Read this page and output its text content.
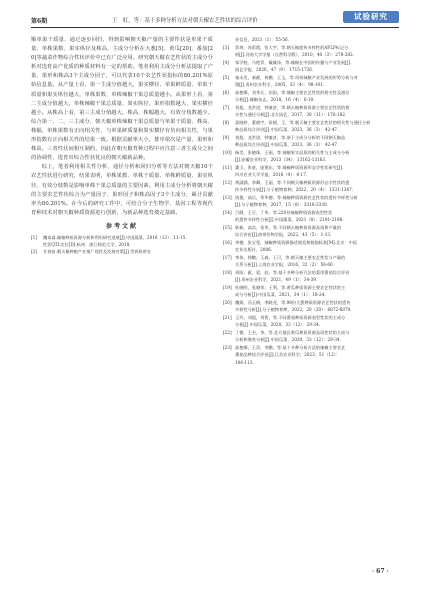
第6期	王　虹，等：基于多种分析方法对朝天椒农艺性状的综合评价	试验研究

顺单果干质量、通过逐步回归，得到影响朝天椒产量的主要性状是单果干质量、单株果数、果实纵径及株高，主成分分析在大葱[5]、黄瓜[20]、番茄[20]等蔬菜作物综合性状评价中已有广泛应用。研究朝天椒农艺性状的主成分分析对选育高产优质的种质材料有一定的帮助。笔者利用主成分分析法提取了产量、果形和株高3个主成分因子，可以代表10个农艺性状指标的80.201%原始信息量。从产量上看，第一主成分值越大，果实横径、单果鲜质量、单果干质量和果实纵径越大，单株果数、单株辣椒干果总质量越小。从果形上看，第二主成分值越大，单株辣椒干果总质量、果实纵径、果形指数越大，果实横径越小。从株高上看，第三主成分值越大，株高、株幅越大，有效分枝数越少。综合第一、二、三主成分，朝天椒单株辣椒干果总质量与单果干质量、株高、株幅、单株果数有正向相关性，与单果鲜质量和果实横径有负向相关性，与果形指数有正向相关性的结果一致。根据贡献率大小，排序依次是产量、果形和株高，三者性状间相互制约，因此在朝天椒育种过程中应注意三者主成分之间的协调性，选育出综合性状优良的朝天椒新品种。

综上，笔者利用相关性分析、通径分析和回归分析等方法对朝天椒10个农艺性状进行研究，结果表明，单株果数、单株干质量、单株鲜质量、果实纵径、有效分枝数是影响单株干果总质量的主要因素。利用主成分分析将朝天椒的主要农艺性状综合为产量因子、果形因子和株高因子3个主成分，累计贡献率为80.201%。在今后的研究工作中，可结合分子生物学、基因工程等现代育种技术对朝天椒种质资源进行创新，为新品种选育奠定基础。

参考文献
[1]	魏家淼.辣椒种质资源分析和利用研究进展[J].中国蔬菜，2018（12）：11-15.
性状QTL定位[D].杭州：浙江师范大学，2018.
[2]	甘春宿.朝天椒种植产业推广现状及发展对策[J].世界热带农
业信息，2021（1）：55-56.
[3]	贺珙，苏彩霞，张大宇，等.朝天椒遗传多样性的AFLP标记分
析[J].河南大学学报（自然科学版），2010，40（3）：278-282.
[4]	邹学校，马艳青，戴雄泽，等.辣椒在中国的传播与产业发展[J].
园艺学报，2020，47（9）：1715-1726.
[5]	秦永发，秦献，何鹏，王玉，等.贵州辣椒产业发展的形势分析与对
策[J].贵州农业科学，2005，33（4）：98-101.
[6]	高艳娜，刘华兵，田雨，等.辣椒主要农艺性状的相关性及通径
分析[J].辣椒杂志，2018，16（4）：6-10.
[7]	刘旭，龙洪进，钟兼济，等.朝天椒种质资源主要农艺性状的相
关性与通径分析[J].北方园艺，2017，30（11）：176-182.
[8]	姜晓婷，董晓宇，侯晓，王，等.朝天椒主要农艺性状的相关性与通径分析
种品质综合评价[J].中国瓜菜，2023，36（3）：42-47.
[9]	刘旭，龙洪进，钟兼济，等.基于主成分分析的不同朝天椒品
种品质综合评价[J].中国瓜菜，2023，36（3）：42-47.
[10] 杨美，张晓珠，王丽，等.辣椒果实品质的相关性与主成分分析
[J].安徽农业科学，2013（34）：13162-13163.
[11] 桑卫，张豪，庞建东，等.辣椒种质资源形态学性状研究[J].
四川农业大学学报，2018（4）：6-17.
[12] 黄淑涵，李卿，王丽，等.不同朝天椒种质资源形态学性状的遗
传多样性分析[J].分子植物育种，2022，20（4）：1331-1347.
[13] 钱俊，高岳，荣华德，等.辣椒种质资源农艺性状的遗传多样性分析
[J].分子植物育种，2017，15（8）：3318-3330.
[14] 吕健，王可，丁华，等.220份辣椒种质资源表型性状
的遗传多样性分析[J].中国蔬菜，2021（8）：2191-2198.
[15] 耿新，高浩，张华，等.不同朝天椒种质资源品质和产量的
综合评价[J].热带作物学报，2022，43（5）：1-13.
[16] 李德，张宝玺，辣椒种质资源描述规范和数据标准[M].北京：中国
农业出版社，2006.
[17] 李伟，徐鹏，王森，王可，等.朝天椒主要农艺性状与产量的
关系分析[J].上海农业学报，2016，32（2）：56-60.
[18] 邓陈，霍，晏，赵，等.基于多种分析方法的菜用番茄综合评价
[J].贵州农业科学，2021，49（1）：34-39.
[19] 杜晓明，张晓荣，王利，等.黄瓜种质资源主要农艺性状的主
成分分析[J].中国瓜菜，2021，34（1）：18-24.
[20] 魏娟，冯玉梅，李晓龙，等.98份大葱种质资源农艺性状的遗传
多样性分析[J].分子植物育种，2022，20（20）：6872-6879.
[21] 王玲，刘超，刘智，等.不同番茄种质资源表型性状的主成分
分析[J].中国瓜菜，2020，33（12）：29-34.
[22] 丁德，王杰，李，等.北方地区黄瓜种质资源品质性状的主成分
分析和聚类分析[J].中国瓜菜，2020，33（12）：29-34.
[23] 高艳娜，王萍，李鹏，等.基于多种分析方法的辣椒主要农艺
番茄品种综合评价[J].江苏农业科学，2023，51（12）：
106-113.
· 67 ·
